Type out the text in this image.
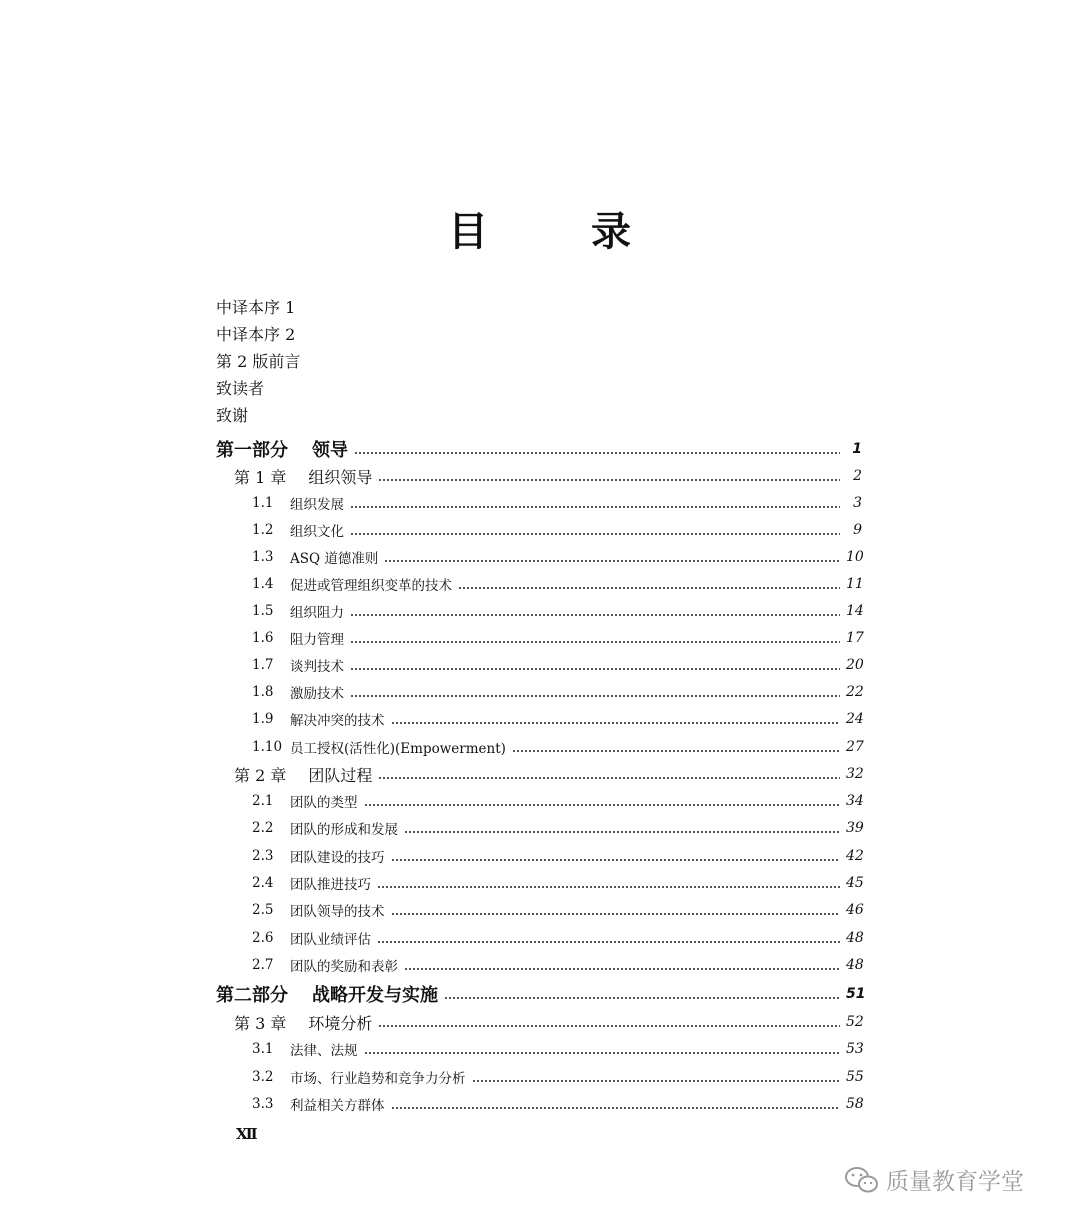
目	录
中译本序 1
中译本序 2
第 2 版前言
致读者
致谢
第一部分 领导	1
第 1 章 组织领导	2
1.1	组织发展	3
1.2	组织文化	9
1.3	ASQ 道德准则	10
1.4	促进或管理组织变革的技术	11
1.5	组织阻力	14
1.6	阻力管理	17
1.7	谈判技术	20
1.8	激励技术	22
1.9	解决冲突的技术	24
1.10 员工授权(活性化)(Empowerment)	27
第 2 章 团队过程	32
2.1	团队的类型	34
2.2	团队的形成和发展	39
2.3	团队建设的技巧	42
2.4	团队推进技巧	45
2.5	团队领导的技术	46
2.6	团队业绩评估	48
2.7	团队的奖励和表彰	48
第二部分 战略开发与实施	51
第 3 章 环境分析	52
3.1	法律、法规	53
3.2	市场、行业趋势和竞争力分析	55
3.3	利益相关方群体	58
XII
质量教育学堂
